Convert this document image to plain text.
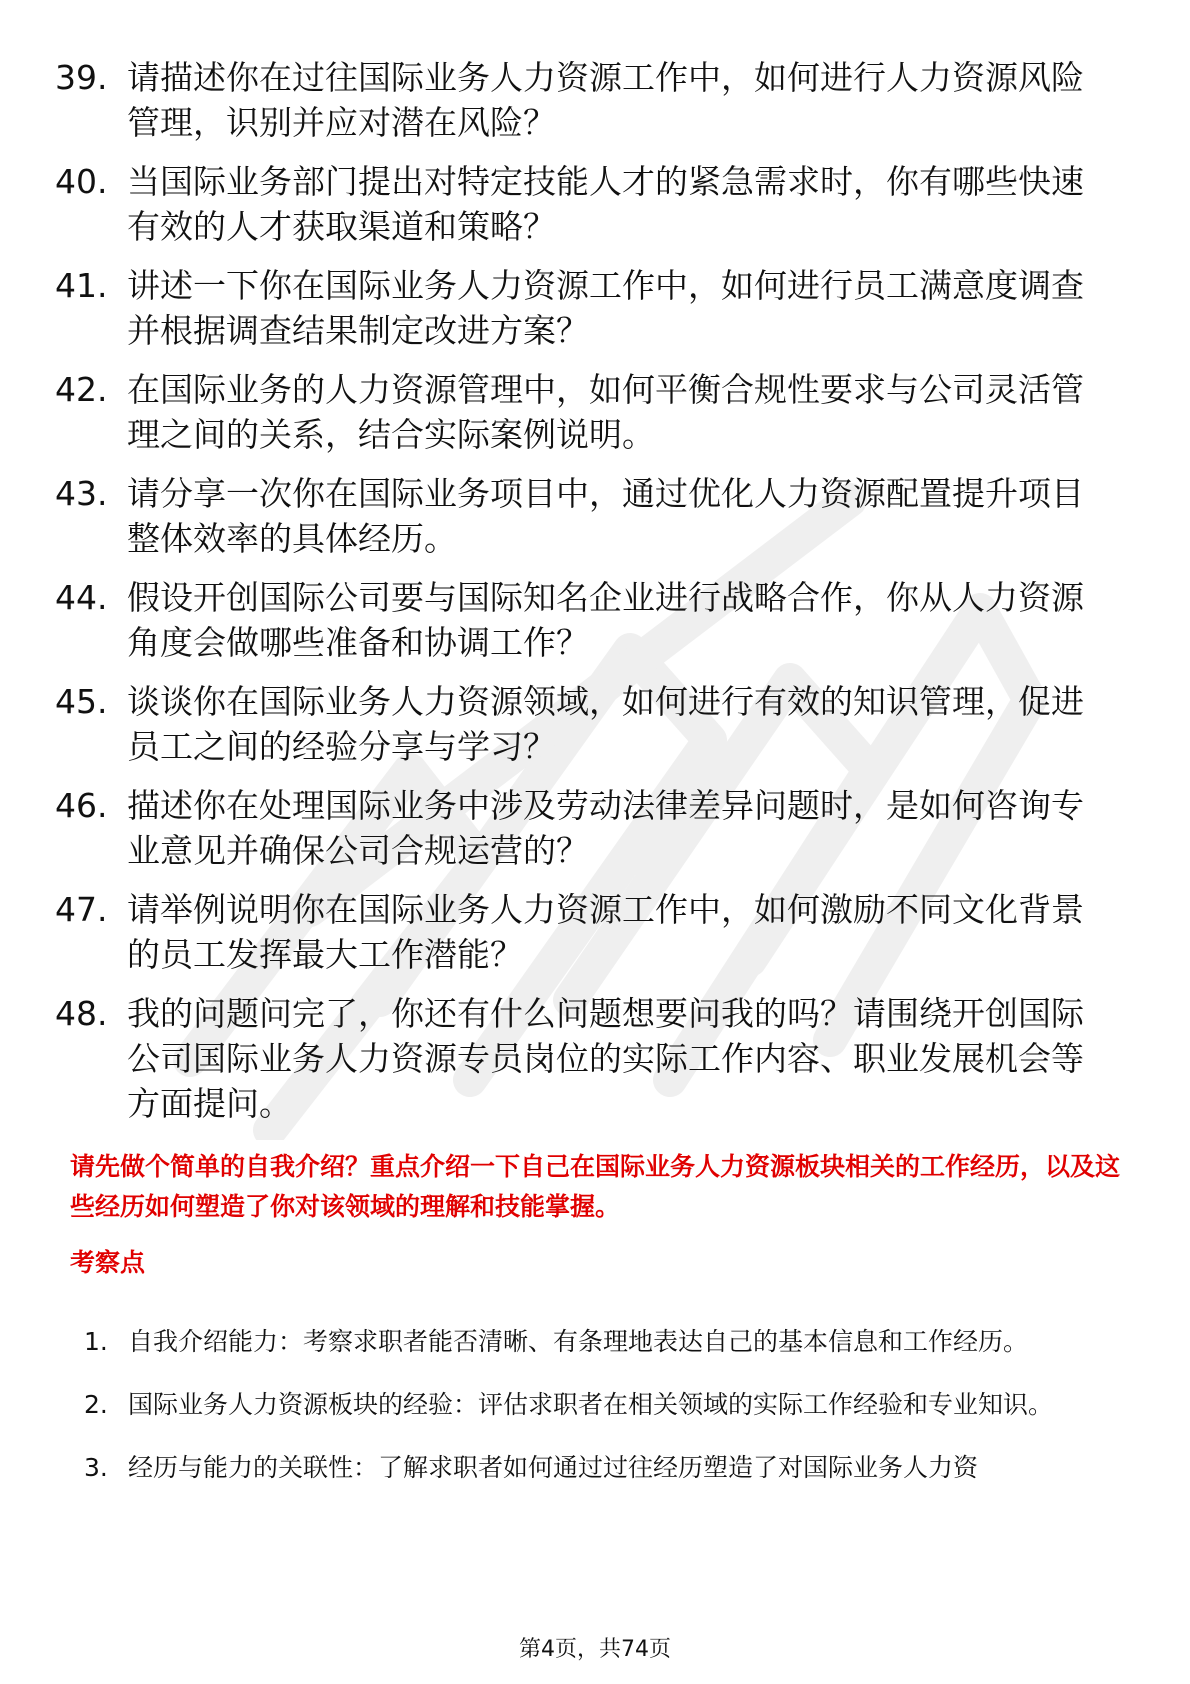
39. 请描述你在过往国际业务人力资源工作中，如何进行人力资源风险管理，识别并应对潜在风险？
40. 当国际业务部门提出对特定技能人才的紧急需求时，你有哪些快速有效的人才获取渠道和策略？
41. 讲述一下你在国际业务人力资源工作中，如何进行员工满意度调查并根据调查结果制定改进方案？
42. 在国际业务的人力资源管理中，如何平衡合规性要求与公司灵活管理之间的关系，结合实际案例说明。
43. 请分享一次你在国际业务项目中，通过优化人力资源配置提升项目整体效率的具体经历。
44. 假设开创国际公司要与国际知名企业进行战略合作，你从人力资源角度会做哪些准备和协调工作？
45. 谈谈你在国际业务人力资源领域，如何进行有效的知识管理，促进员工之间的经验分享与学习？
46. 描述你在处理国际业务中涉及劳动法律差异问题时，是如何咨询专业意见并确保公司合规运营的？
47. 请举例说明你在国际业务人力资源工作中，如何激励不同文化背景的员工发挥最大工作潜能？
48. 我的问题问完了，你还有什么问题想要问我的吗？请围绕开创国际公司国际业务人力资源专员岗位的实际工作内容、职业发展机会等方面提问。
请先做个简单的自我介绍？重点介绍一下自己在国际业务人力资源板块相关的工作经历，以及这些经历如何塑造了你对该领域的理解和技能掌握。
考察点
1. 自我介绍能力：考察求职者能否清晰、有条理地表达自己的基本信息和工作经历。
2. 国际业务人力资源板块的经验：评估求职者在相关领域的实际工作经验和专业知识。
3. 经历与能力的关联性：了解求职者如何通过过往经历塑造了对国际业务人力资
第4页，共74页
